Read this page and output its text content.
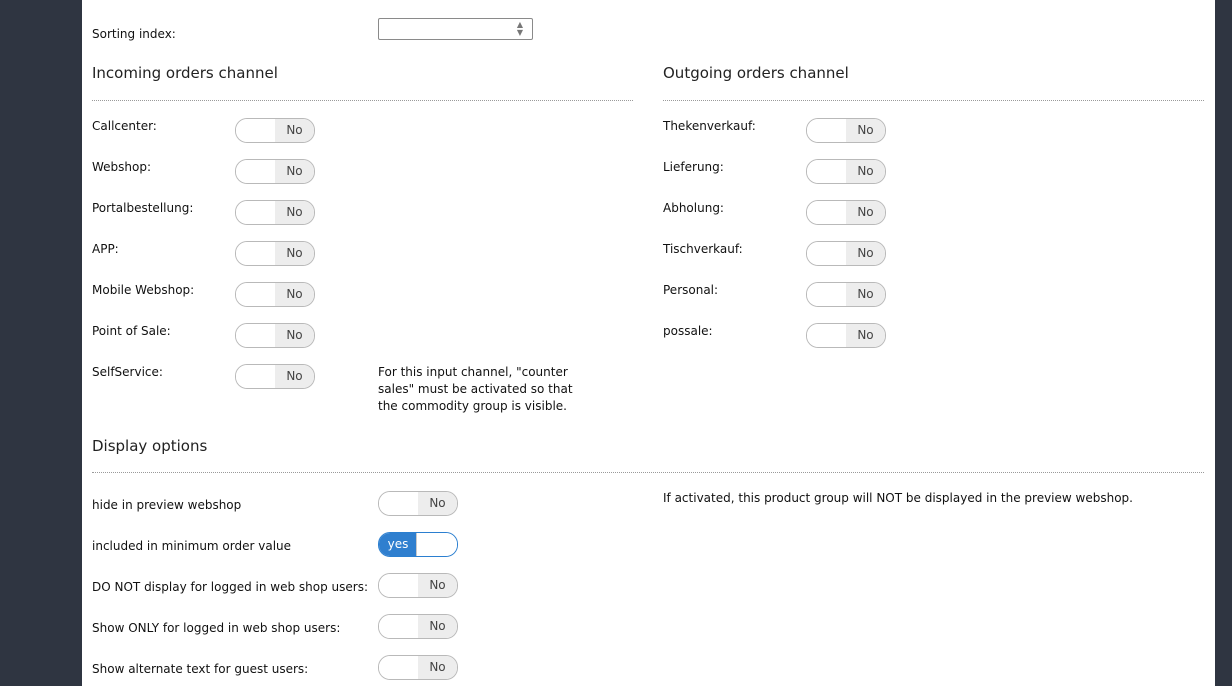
Sorting index:
▲
▼
Incoming orders channel	Outgoing orders channel
Callcenter:	No
Webshop:	No
Portalbestellung:	No
APP:	No
Mobile Webshop:	No
Point of Sale:	No
SelfService:	No	For this input channel, "counter sales" must be activated so that the commodity group is visible.
Thekenverkauf:	No
Lieferung:	No
Abholung:	No
Tischverkauf:	No
Personal:	No
possale:	No
Display options
hide in preview webshop	No	If activated, this product group will NOT be displayed in the preview webshop.
included in minimum order value	yes
DO NOT display for logged in web shop users:	No
Show ONLY for logged in web shop users:	No
Show alternate text for guest users:	No
